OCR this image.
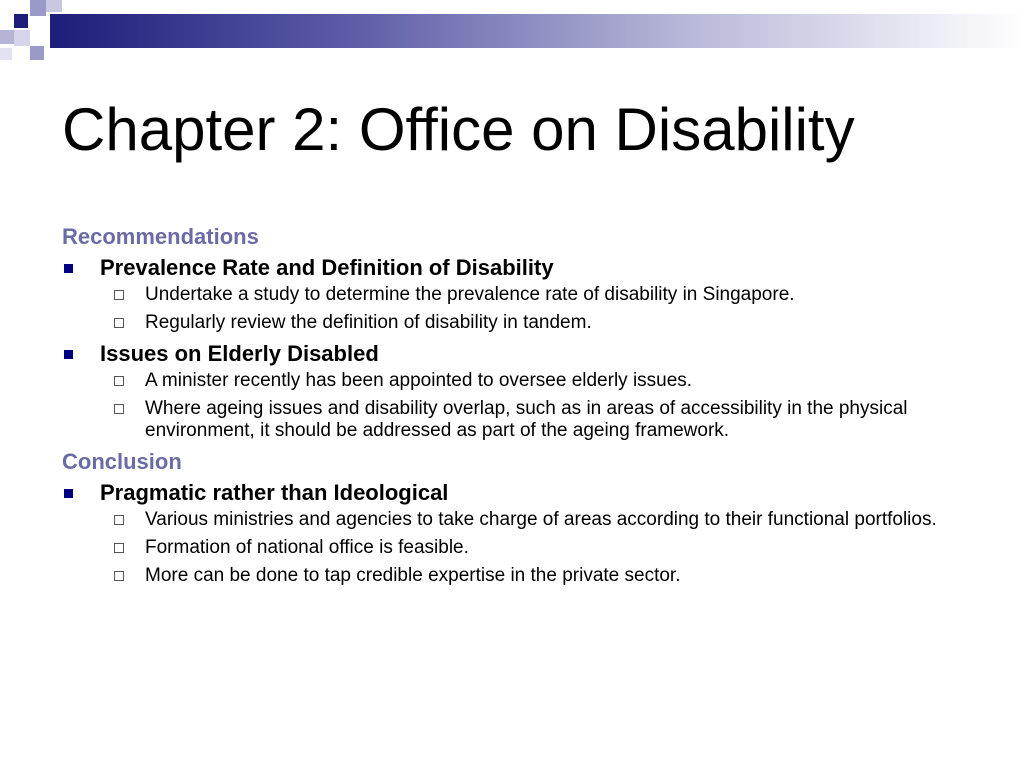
Chapter 2: Office on Disability
Recommendations
Prevalence Rate and Definition of Disability
Undertake a study to determine the prevalence rate of disability in Singapore.
Regularly review the definition of disability in tandem.
Issues on Elderly Disabled
A minister recently has been appointed to oversee elderly issues.
Where ageing issues and disability overlap, such as in areas of accessibility in the physical environment, it should be addressed as part of the ageing framework.
Conclusion
Pragmatic rather than Ideological
Various ministries and agencies to take charge of areas according to their functional portfolios.
Formation of national office is feasible.
More can be done to tap credible expertise in the private sector.
